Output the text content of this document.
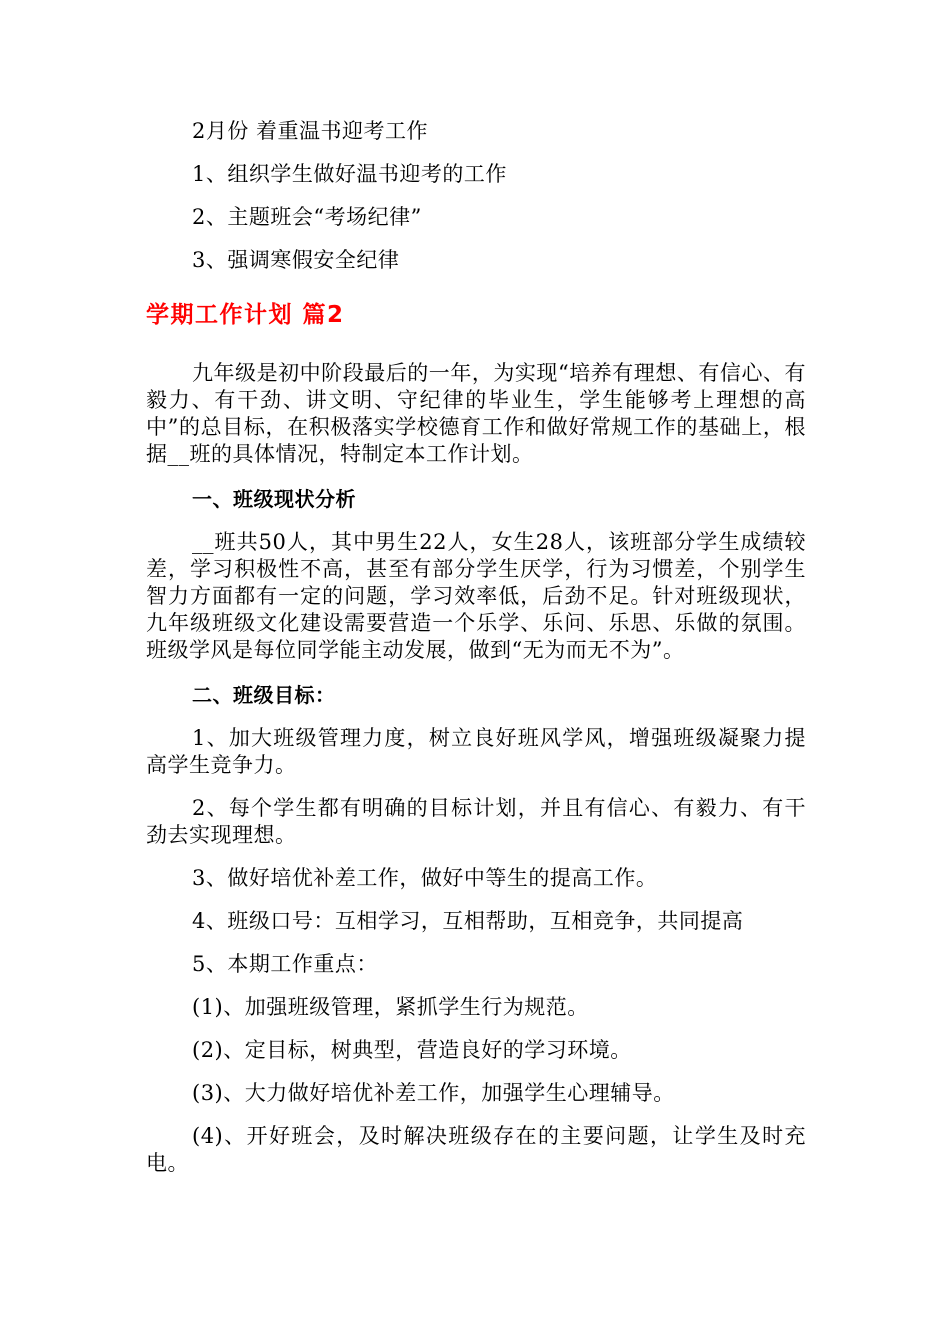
2月份 着重温书迎考工作

1、组织学生做好温书迎考的工作

2、主题班会“考场纪律”

3、强调寒假安全纪律

学期工作计划 篇2

九年级是初中阶段最后的一年，为实现“培养有理想、有信心、有毅力、有干劲、讲文明、守纪律的毕业生，学生能够考上理想的高中”的总目标，在积极落实学校德育工作和做好常规工作的基础上，根据__班的具体情况，特制定本工作计划。

一、班级现状分析

__班共50人，其中男生22人，女生28人，该班部分学生成绩较差，学习积极性不高，甚至有部分学生厌学，行为习惯差，个别学生智力方面都有一定的问题，学习效率低，后劲不足。针对班级现状，九年级班级文化建设需要营造一个乐学、乐问、乐思、乐做的氛围。班级学风是每位同学能主动发展，做到“无为而无不为”。

二、班级目标：

1、加大班级管理力度，树立良好班风学风，增强班级凝聚力提高学生竞争力。

2、每个学生都有明确的目标计划，并且有信心、有毅力、有干劲去实现理想。

3、做好培优补差工作，做好中等生的提高工作。

4、班级口号：互相学习，互相帮助，互相竞争，共同提高

5、本期工作重点：

(1)、加强班级管理，紧抓学生行为规范。

(2)、定目标，树典型，营造良好的学习环境。

(3)、大力做好培优补差工作，加强学生心理辅导。

(4)、开好班会，及时解决班级存在的主要问题，让学生及时充电。
